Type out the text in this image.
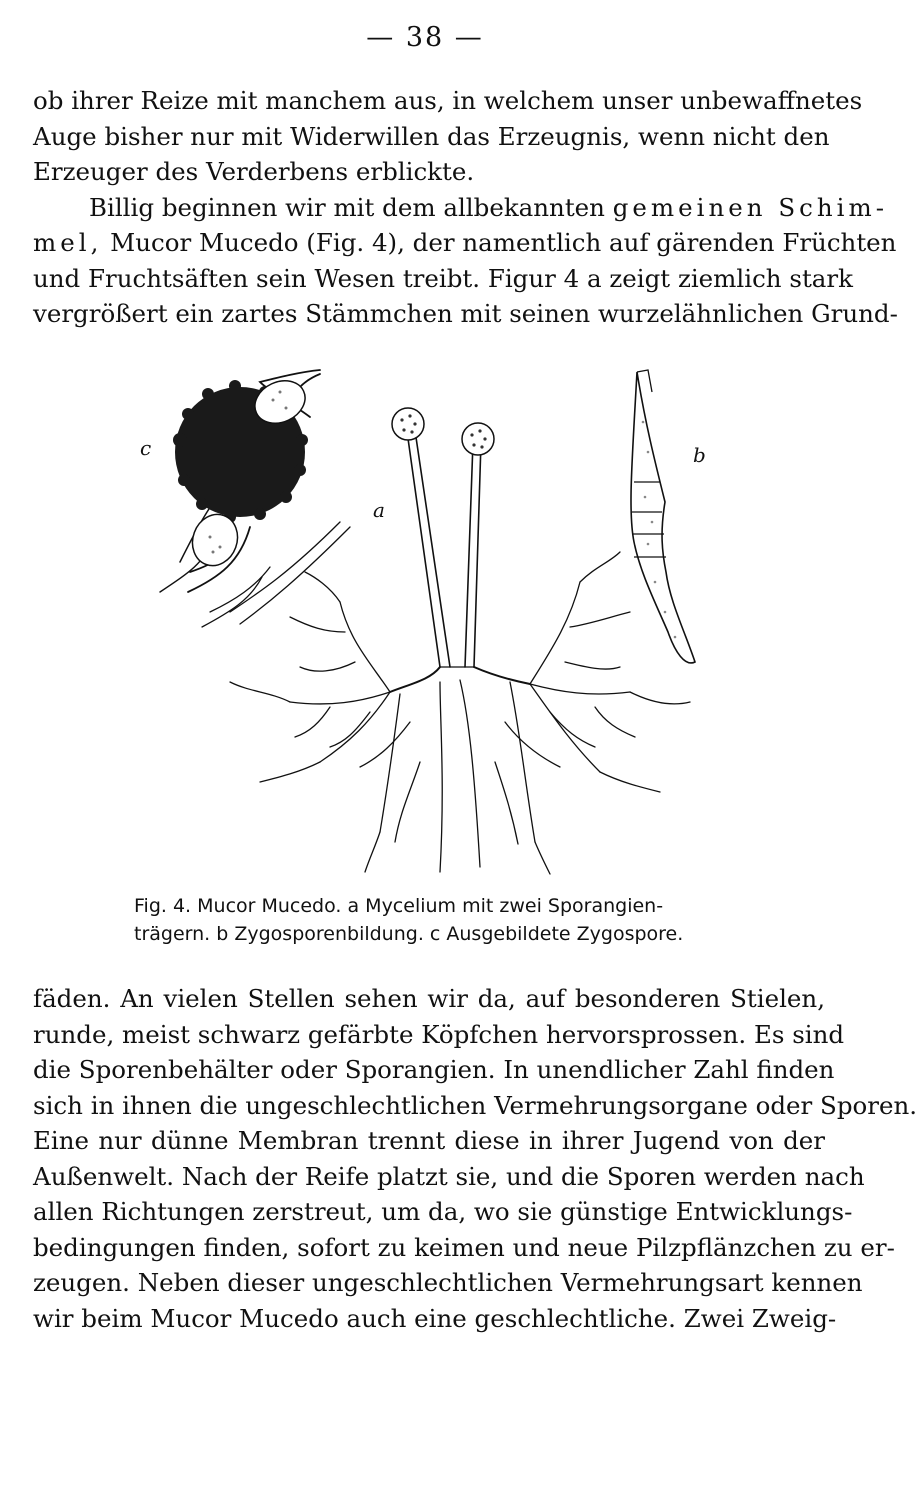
— 38 —
ob ihrer Reize mit manchem aus, in welchem unser unbewaffnetes
Auge bisher nur mit Widerwillen das Erzeugnis, wenn nicht den
Erzeuger des Verderbens erblickte.
Billig beginnen wir mit dem allbekannten gemeinen Schim-
mel, Mucor Mucedo (Fig. 4), der namentlich auf gärenden Früchten
und Fruchtsäften sein Wesen treibt. Figur 4 a zeigt ziemlich stark
vergrößert ein zartes Stämmchen mit seinen wurzelähnlichen Grund-
c
a
b
Fig. 4. Mucor Mucedo. a Mycelium mit zwei Sporangien-
trägern. b Zygosporenbildung. c Ausgebildete Zygospore.
fäden. An vielen Stellen sehen wir da, auf besonderen Stielen,
runde, meist schwarz gefärbte Köpfchen hervorsprossen. Es sind
die Sporenbehälter oder Sporangien. In unendlicher Zahl finden
sich in ihnen die ungeschlechtlichen Vermehrungsorgane oder Sporen.
Eine nur dünne Membran trennt diese in ihrer Jugend von der
Außenwelt. Nach der Reife platzt sie, und die Sporen werden nach
allen Richtungen zerstreut, um da, wo sie günstige Entwicklungs-
bedingungen finden, sofort zu keimen und neue Pilzpflänzchen zu er-
zeugen. Neben dieser ungeschlechtlichen Vermehrungsart kennen
wir beim Mucor Mucedo auch eine geschlechtliche. Zwei Zweig-
